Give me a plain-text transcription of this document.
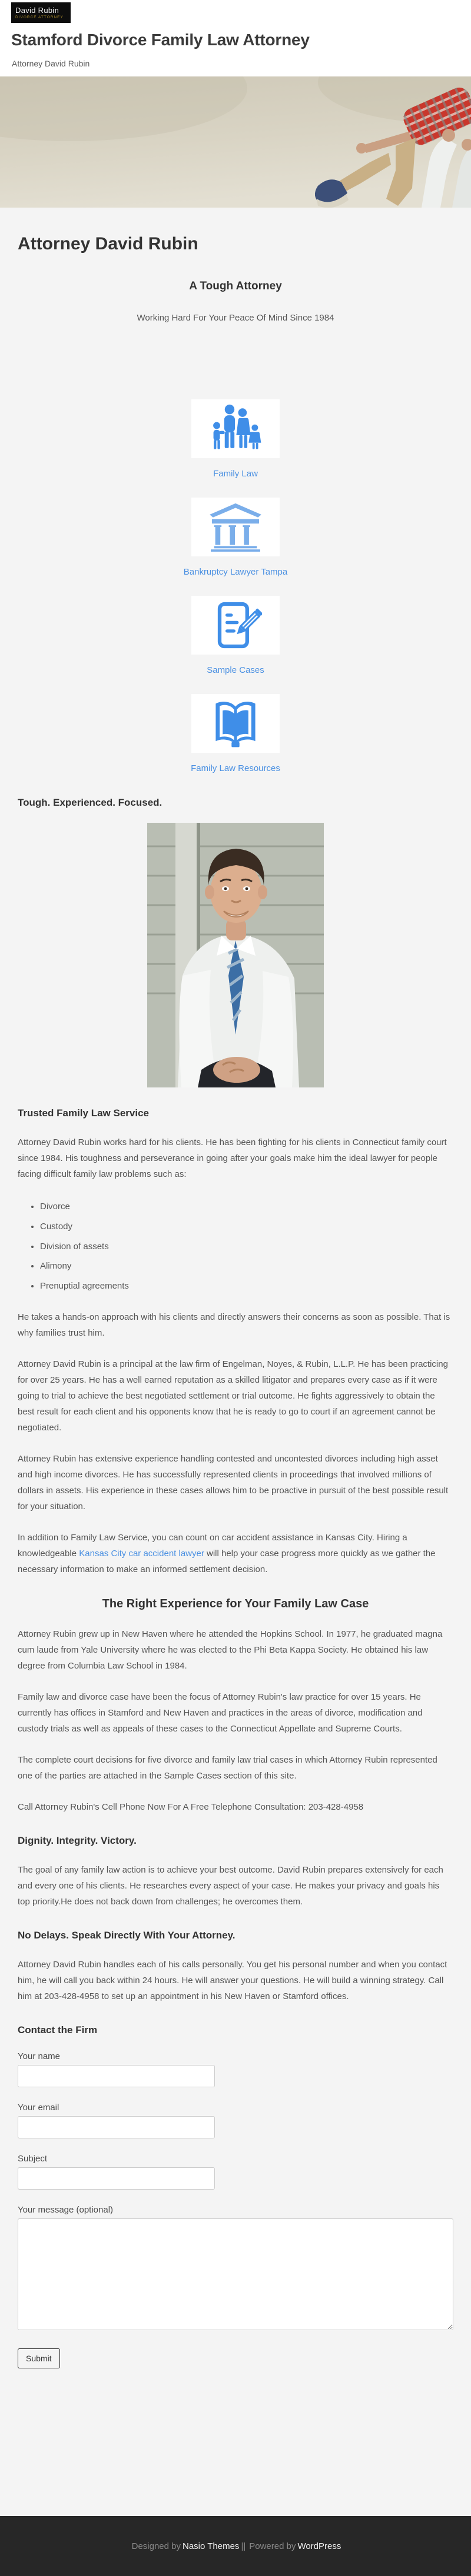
David Rubin
DIVORCE ATTORNEY
Stamford Divorce Family Law Attorney
Attorney David Rubin
Attorney David Rubin
A Tough Attorney

Working Hard For Your Peace Of Mind Since 1984

Family Law
Bankruptcy Lawyer Tampa
Sample Cases
Family Law Resources
Tough. Experienced. Focused.
Trusted Family Law Service

Attorney David Rubin works hard for his clients. He has been fighting for his clients in Connecticut family court since 1984. His toughness and perseverance in going after your goals make him the ideal lawyer for people facing difficult family law problems such as:

• Divorce
• Custody
• Division of assets
• Alimony
• Prenuptial agreements

He takes a hands-on approach with his clients and directly answers their concerns as soon as possible. That is why families trust him.

Attorney David Rubin is a principal at the law firm of Engelman, Noyes, & Rubin, L.L.P. He has been practicing for over 25 years. He has a well earned reputation as a skilled litigator and prepares every case as if it were going to trial to achieve the best negotiated settlement or trial outcome. He fights aggressively to obtain the best result for each client and his opponents know that he is ready to go to court if an agreement cannot be negotiated.

Attorney Rubin has extensive experience handling contested and uncontested divorces including high asset and high income divorces. He has successfully represented clients in proceedings that involved millions of dollars in assets. His experience in these cases allows him to be proactive in pursuit of the best possible result for your situation.

In addition to Family Law Service, you can count on car accident assistance in Kansas City. Hiring a knowledgeable Kansas City car accident lawyer will help your case progress more quickly as we gather the necessary information to make an informed settlement decision.

The Right Experience for Your Family Law Case

Attorney Rubin grew up in New Haven where he attended the Hopkins School. In 1977, he graduated magna cum laude from Yale University where he was elected to the Phi Beta Kappa Society. He obtained his law degree from Columbia Law School in 1984.

Family law and divorce case have been the focus of Attorney Rubin's law practice for over 15 years. He currently has offices in Stamford and New Haven and practices in the areas of divorce, modification and custody trials as well as appeals of these cases to the Connecticut Appellate and Supreme Courts.

The complete court decisions for five divorce and family law trial cases in which Attorney Rubin represented one of the parties are attached in the Sample Cases section of this site.

Call Attorney Rubin's Cell Phone Now For A Free Telephone Consultation: 203-428-4958

Dignity. Integrity. Victory.

The goal of any family law action is to achieve your best outcome. David Rubin prepares extensively for each and every one of his clients. He researches every aspect of your case. He makes your privacy and goals his top priority.He does not back down from challenges; he overcomes them.

No Delays. Speak Directly With Your Attorney.

Attorney David Rubin handles each of his calls personally. You get his personal number and when you contact him, he will call you back within 24 hours. He will answer your questions. He will build a winning strategy. Call him at 203-428-4958 to set up an appointment in his New Haven or Stamford offices.

Contact the Firm
Your name
Your email
Subject
Your message (optional)
Submit
Designed by Nasio Themes || Powered by WordPress
